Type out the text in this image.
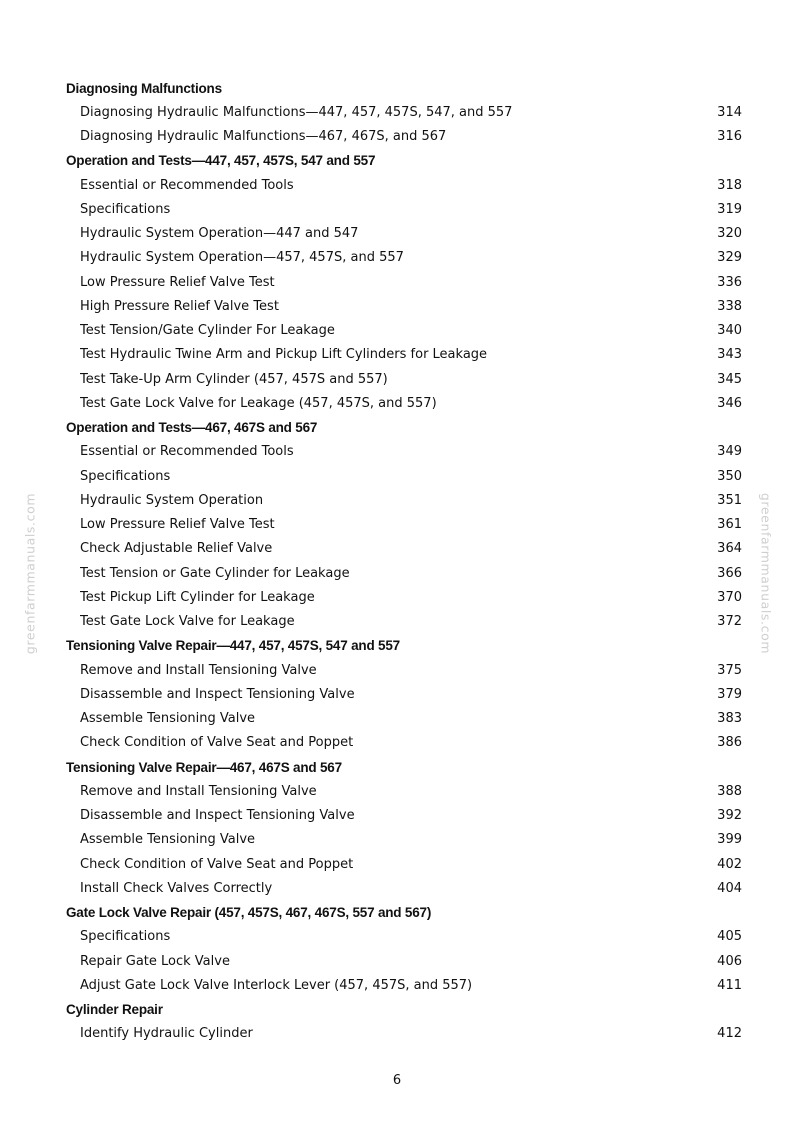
greenfarmmanuals.com	greenfarmmanuals.com
Diagnosing Malfunctions
Diagnosing Hydraulic Malfunctions—447, 457, 457S, 547, and 557	314
Diagnosing Hydraulic Malfunctions—467, 467S, and 567	316
Operation and Tests—447, 457, 457S, 547 and 557
Essential or Recommended Tools	318
Specifications	319
Hydraulic System Operation—447 and 547	320
Hydraulic System Operation—457, 457S, and 557	329
Low Pressure Relief Valve Test	336
High Pressure Relief Valve Test	338
Test Tension/Gate Cylinder For Leakage	340
Test Hydraulic Twine Arm and Pickup Lift Cylinders for Leakage	343
Test Take-Up Arm Cylinder (457, 457S and 557)	345
Test Gate Lock Valve for Leakage (457, 457S, and 557)	346
Operation and Tests—467, 467S and 567
Essential or Recommended Tools	349
Specifications	350
Hydraulic System Operation	351
Low Pressure Relief Valve Test	361
Check Adjustable Relief Valve	364
Test Tension or Gate Cylinder for Leakage	366
Test Pickup Lift Cylinder for Leakage	370
Test Gate Lock Valve for Leakage	372
Tensioning Valve Repair—447, 457, 457S, 547 and 557
Remove and Install Tensioning Valve	375
Disassemble and Inspect Tensioning Valve	379
Assemble Tensioning Valve	383
Check Condition of Valve Seat and Poppet	386
Tensioning Valve Repair—467, 467S and 567
Remove and Install Tensioning Valve	388
Disassemble and Inspect Tensioning Valve	392
Assemble Tensioning Valve	399
Check Condition of Valve Seat and Poppet	402
Install Check Valves Correctly	404
Gate Lock Valve Repair (457, 457S, 467, 467S, 557 and 567)
Specifications	405
Repair Gate Lock Valve	406
Adjust Gate Lock Valve Interlock Lever (457, 457S, and 557)	411
Cylinder Repair
Identify Hydraulic Cylinder	412
6
